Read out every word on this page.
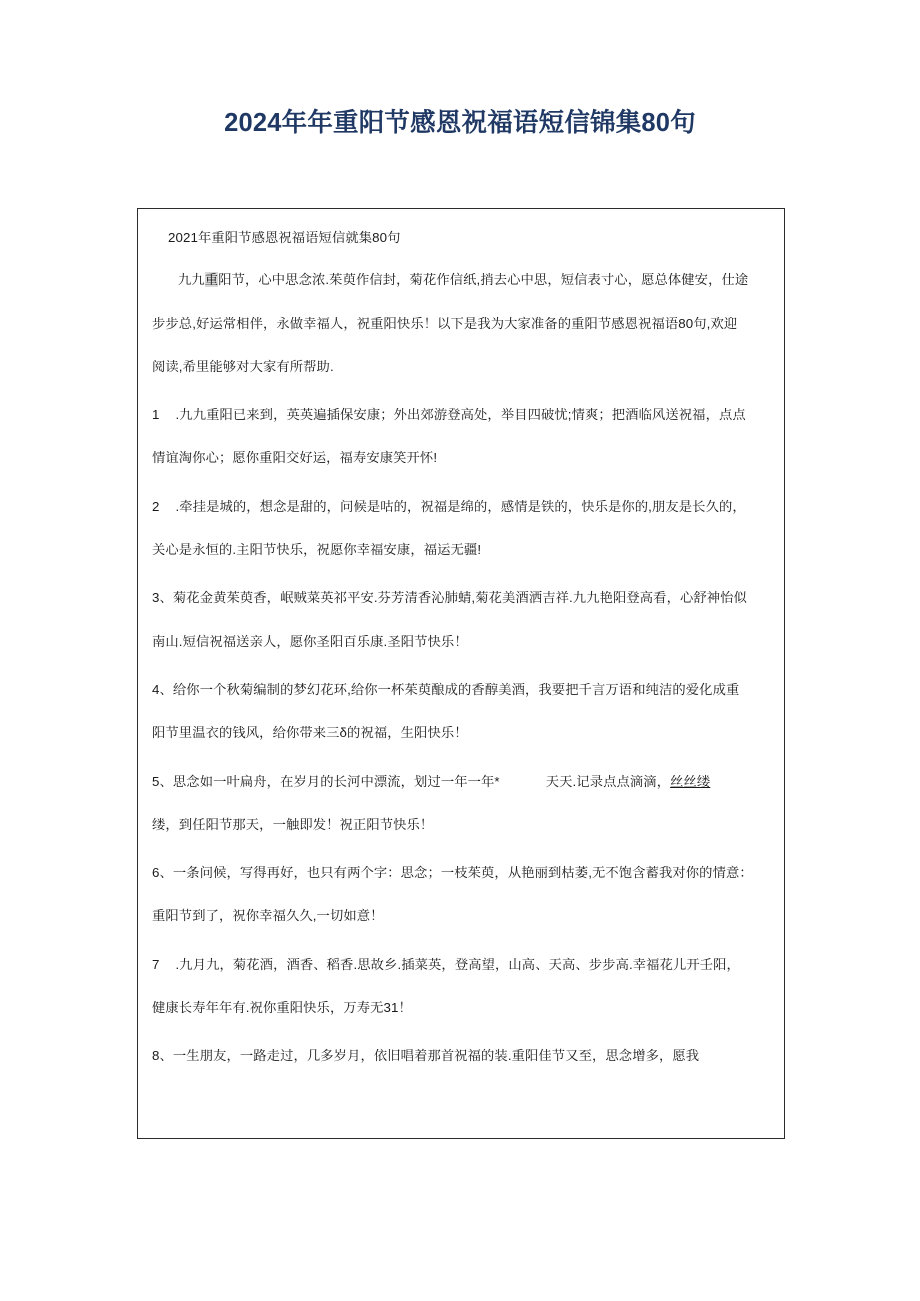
2024年年重阳节感恩祝福语短信锦集80句
2021年重阳节感恩祝福语短信就集80句
九九重阳节，心中思念浓.茱萸作信封，菊花作信纸,捎去心中思，短信表寸心，愿总体健安，仕途
步步总,好运常相伴，永做幸福人，祝重阳快乐！以下是我为大家准备的重阳节感恩祝福语80句,欢迎
阅读,希里能够对大家有所帮助.
1 .九九重阳已来到，英英遍插保安康；外出郊游登高处，举目四破忧;情爽；把酒临风送祝福，点点
情谊淘你心；愿你重阳交好运，福寿安康笑开怀!
2 .牵挂是城的，想念是甜的，问候是咕的，祝福是绵的，感情是铁的，快乐是你的,朋友是长久的，
关心是永恒的.主阳节快乐，祝愿你幸福安康，福运无疆!
3、菊花金黄茱萸香，岷贼菜英祁平安.芬芳清香沁肺蜻,菊花美酒洒吉祥.九九艳阳登高看，心舒神怡似
南山.短信祝福送亲人，愿你圣阳百乐康.圣阳节快乐！
4、给你一个秋菊编制的梦幻花环,给你一杯茱萸酿成的香醇美酒，我要把千言万语和纯洁的爱化成重
阳节里温衣的钱风，给你带来三δ的祝福，生阳快乐！
5、思念如一叶扁舟，在岁月的长河中漂流，划过一年一年*	天天.记录点点滴滴，丝丝缕
缕，到任阳节那天，一触即发！祝正阳节快乐！
6、一条问候，写得再好，也只有两个字：思念；一枝茱萸，从艳丽到枯萎,无不饱含蓄我对你的情意：
重阳节到了，祝你幸福久久,一切如意！
7 .九月九，菊花酒，酒香、稻香.思故乡.插菜英，登高望，山高、天高、步步高.幸福花儿开壬阳，
健康长寿年年有.祝你重阳快乐，万寿无31！
8、一生朋友，一路走过，几多岁月，依旧唱着那首祝福的装.重阳佳节又至，思念增多，愿我
